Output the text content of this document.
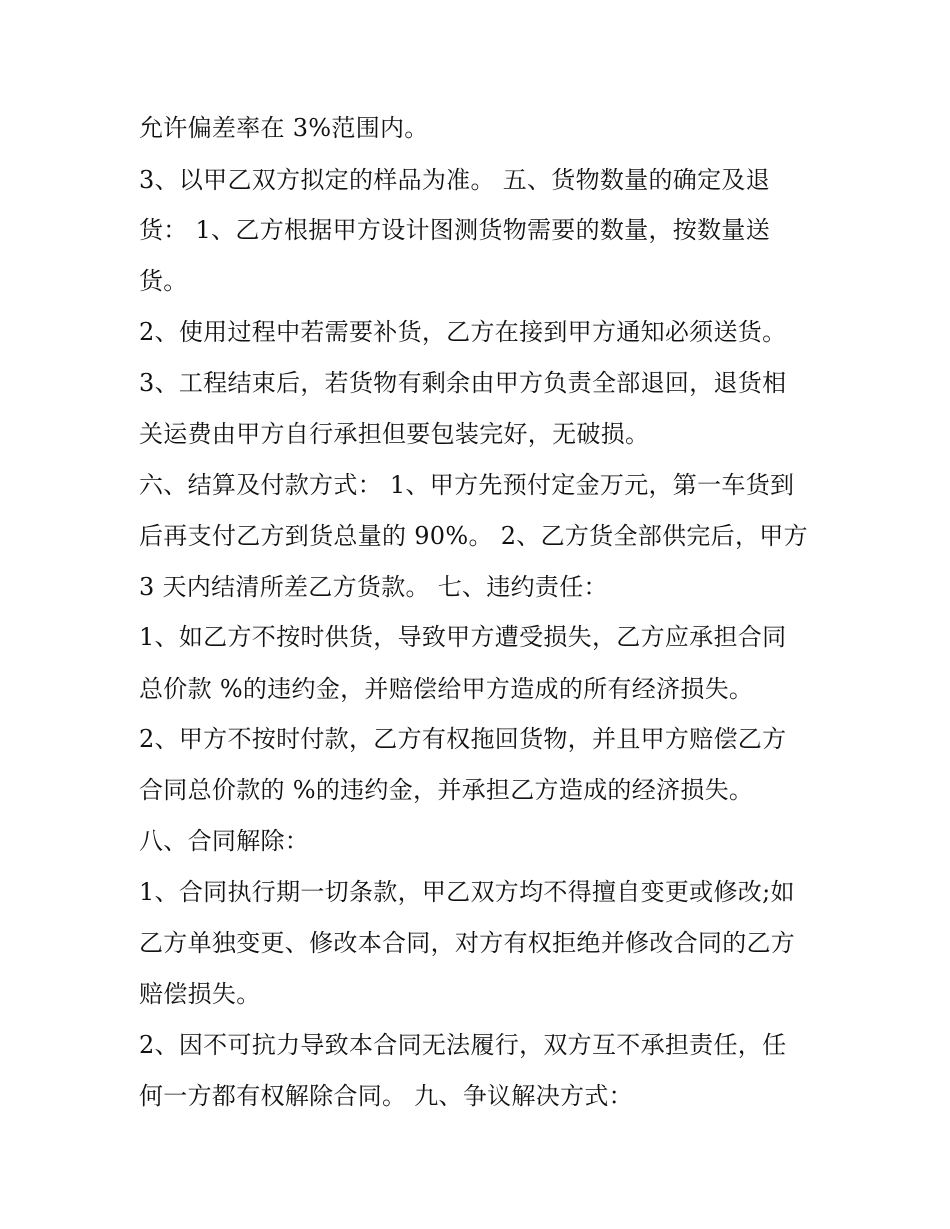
允许偏差率在 3%范围内。
3、以甲乙双方拟定的样品为准。 五、货物数量的确定及退
货： 1、乙方根据甲方设计图测货物需要的数量，按数量送
货。
2、使用过程中若需要补货，乙方在接到甲方通知必须送货。
3、工程结束后，若货物有剩余由甲方负责全部退回，退货相
关运费由甲方自行承担但要包装完好，无破损。
六、结算及付款方式： 1、甲方先预付定金万元，第一车货到
后再支付乙方到货总量的 90%。 2、乙方货全部供完后，甲方
3 天内结清所差乙方货款。 七、违约责任：
1、如乙方不按时供货，导致甲方遭受损失，乙方应承担合同
总价款 %的违约金，并赔偿给甲方造成的所有经济损失。
2、甲方不按时付款，乙方有权拖回货物，并且甲方赔偿乙方
合同总价款的 %的违约金，并承担乙方造成的经济损失。
八、合同解除：
1、合同执行期一切条款，甲乙双方均不得擅自变更或修改;如
乙方单独变更、修改本合同，对方有权拒绝并修改合同的乙方
赔偿损失。
2、因不可抗力导致本合同无法履行，双方互不承担责任，任
何一方都有权解除合同。 九、争议解决方式：
